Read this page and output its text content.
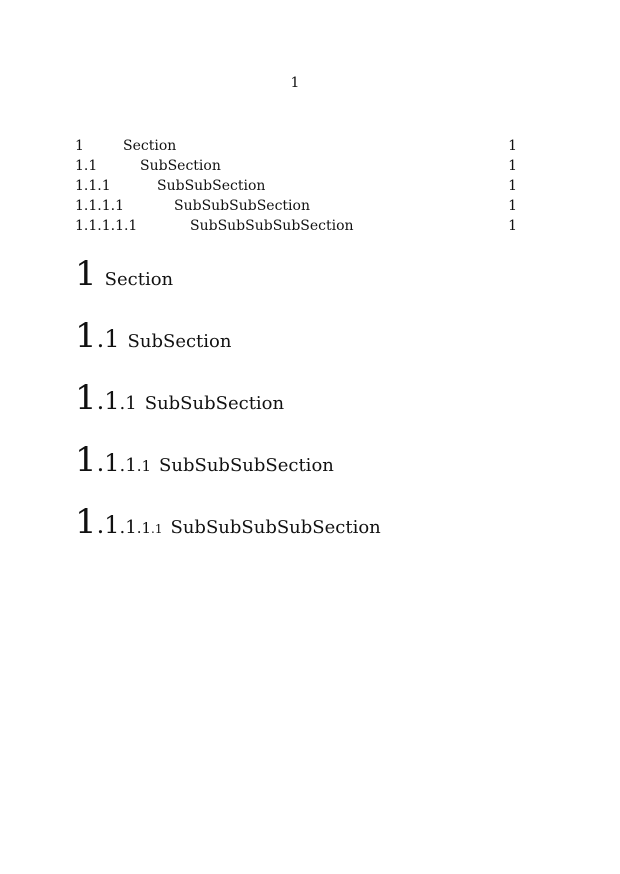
1
1	Section	1
1.1	SubSection	1
1.1.1	SubSubSection	1
1.1.1.1	SubSubSubSection	1
1.1.1.1.1	SubSubSubSubSection	1
1 Section
1.1 SubSection
1.1.1 SubSubSection
1.1.1.1 SubSubSubSection
1.1.1.1.1 SubSubSubSubSection
